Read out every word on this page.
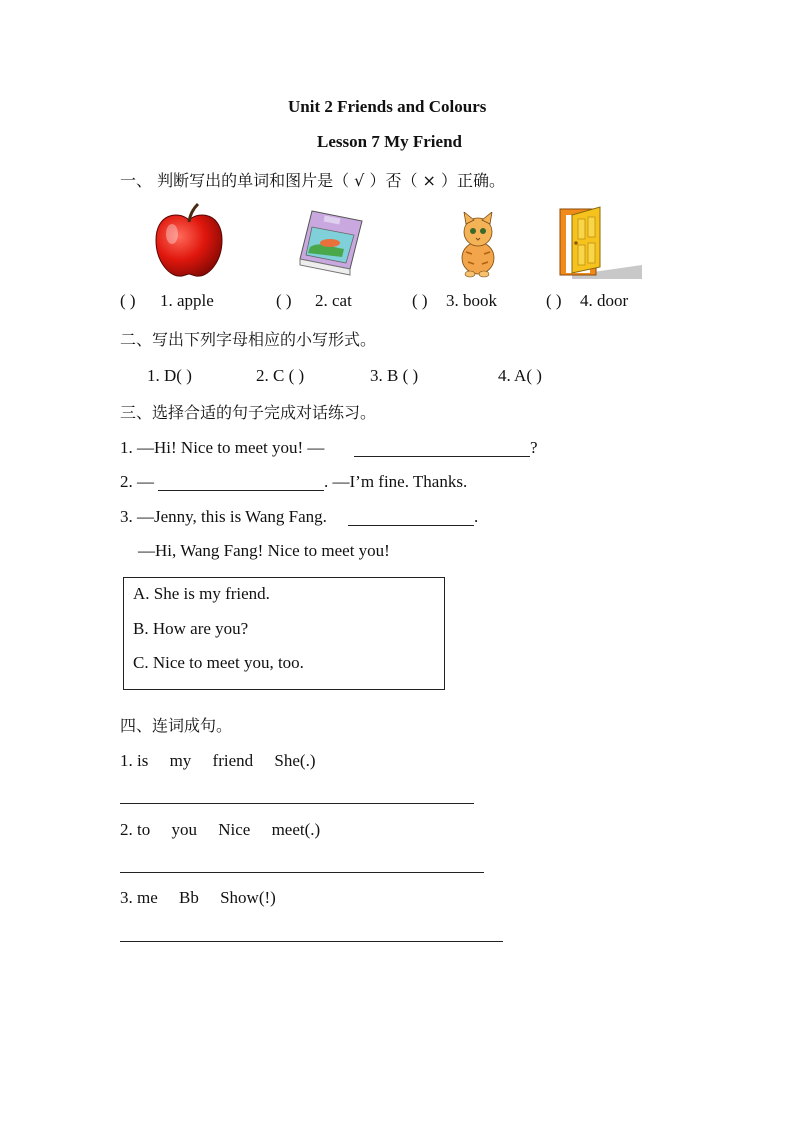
Unit 2 Friends and Colours
Lesson 7 My Friend
一、 判断写出的单词和图片是（ √ ）否（ × ）正确。
( ) 1. apple	( ) 2. cat	( ) 3. book	( ) 4. door
二、写出下列字母相应的小写形式。
1. D( )	2. C ( )	3. B ( )	4. A( )
三、选择合适的句子完成对话练习。
1. —Hi! Nice to meet you! —	?
2. —	. —I’m fine. Thanks.
3. —Jenny, this is Wang Fang.	.
—Hi, Wang Fang! Nice to meet you!
A. She is my friend.
B. How are you?
C. Nice to meet you, too.
四、连词成句。
1. is     my     friend     She(.)
2. to     you     Nice     meet(.)
3. me     Bb     Show(!)
